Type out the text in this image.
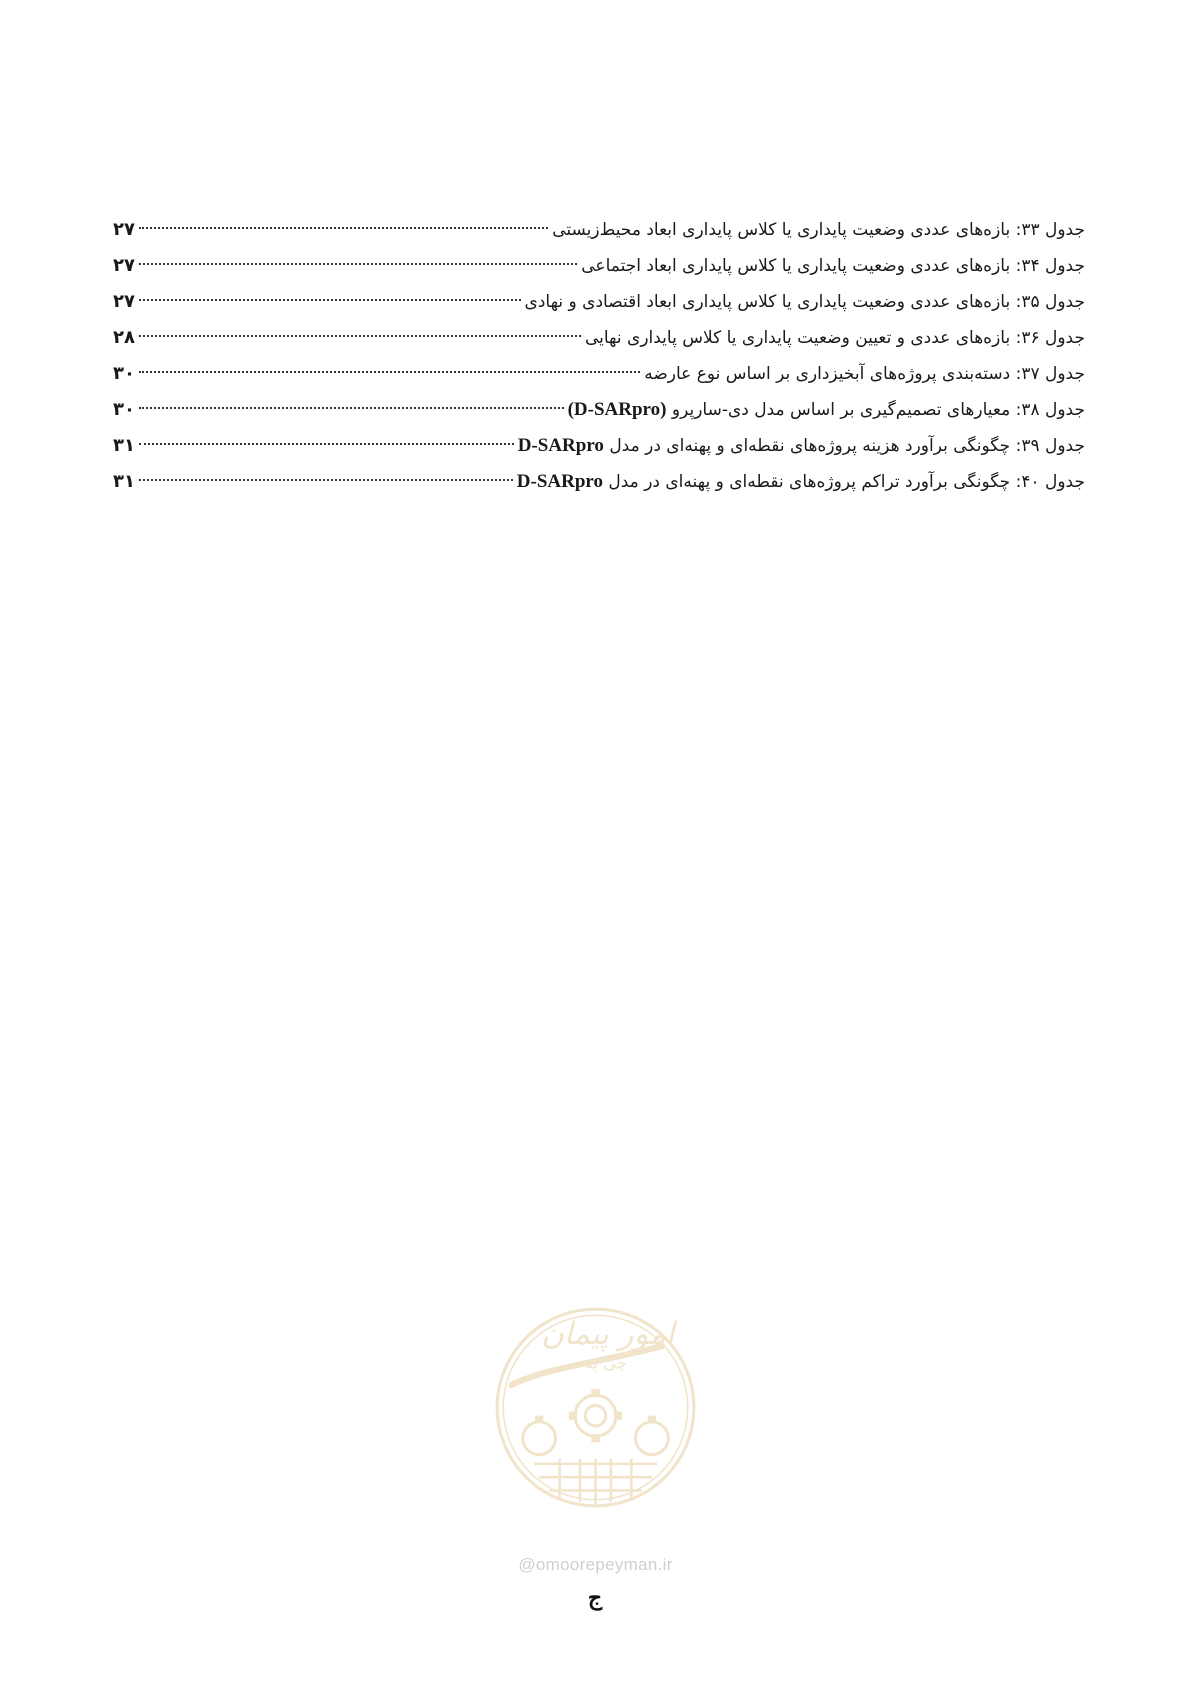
جدول ۳۳: بازه‌های عددی وضعیت پایداری یا کلاس پایداری ابعاد محیط‌زیستی
۲۷
جدول ۳۴: بازه‌های عددی وضعیت پایداری یا کلاس پایداری ابعاد اجتماعی
۲۷
جدول ۳۵: بازه‌های عددی وضعیت پایداری یا کلاس پایداری ابعاد اقتصادی و نهادی
۲۷
جدول ۳۶: بازه‌های عددی و تعیین وضعیت پایداری یا کلاس پایداری نهایی
۲۸
جدول ۳۷: دسته‌بندی پروژه‌های آبخیزداری بر اساس نوع عارضه
۳۰
جدول ۳۸: معیارهای تصمیم‌گیری بر اساس مدل دی-سارپرو (D-SARpro)
۳۰
جدول ۳۹: چگونگی برآورد هزینه پروژه‌های نقطه‌ای و پهنه‌ای در مدل D-SARpro
۳۱
جدول ۴۰: چگونگی برآورد تراکم پروژه‌های نقطه‌ای و پهنه‌ای در مدل D-SARpro
۳۱
امور پیمان
چی په
@omoorepeyman.ir
ج
